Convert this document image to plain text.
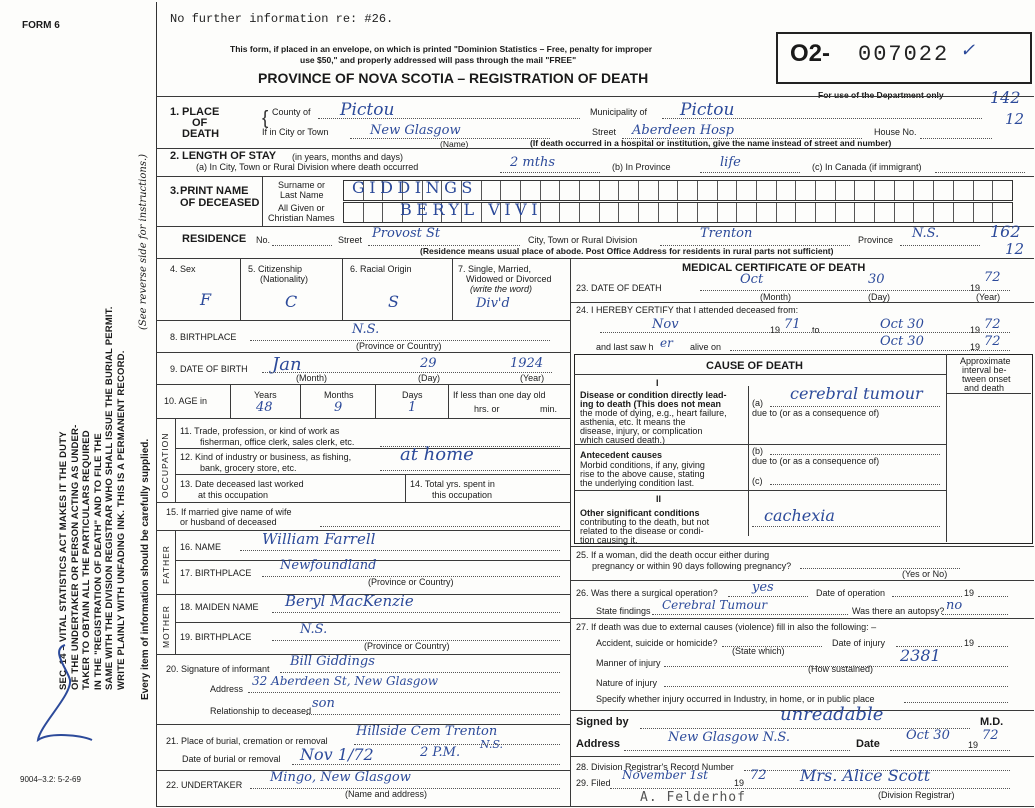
FORM 6
SEC. 14 – VITAL STATISTICS ACT MAKES IT THE DUTY OF THE UNDERTAKER OR PERSON ACTING AS UNDER- TAKER TO OBTAIN ALL THE PARTICULARS REQUIRED IN THE "REGISTRATION OF DEATH" AND TO FILE THE SAME WITH THE DIVISION REGISTRAR WHO SHALL ISSUE THE BURIAL PERMIT. WRITE PLAINLY WITH UNFADING INK. THIS IS A PERMANENT RECORD.
(See reverse side for instructions.)
Every item of information should be carefully supplied.
9004–3.2: 5-2-69
No further information re: #26.
This form, if placed in an envelope, on which is printed "Dominion Statistics – Free, penalty for improper
use $50," and properly addressed will pass through the mail "FREE"
PROVINCE OF NOVA SCOTIA – REGISTRATION OF DEATH
O2- 007022 ✓
For use of the Department only	142
12
1. PLACE
OF
DEATH
{ County of Pictou	Municipality of Pictou
If in City or Town	New Glasgow
(Name)
Street Aberdeen Hosp	House No.
(If death occurred in a hospital or institution, give the name instead of street and number)
2. LENGTH OF STAY (in years, months and days)
(a) In City, Town or Rural Division where death occurred	2 mths	(b) In Province	life	(c) In Canada (if immigrant)
3. PRINT NAME
OF DECEASED
Surname or
Last Name
All Given or
Christian Names
GIDDINGS
BERYL VIVI
RESIDENCE No.	Street Provost St	City, Town or Rural Division	Trenton	Province N.S.	162
12
(Residence means usual place of abode. Post Office Address for residents in rural parts not sufficient)
4. Sex
F
5. Citizenship
(Nationality)
C
6. Racial Origin
S
7. Single, Married,
Widowed or Divorced
(write the word)
Div'd
8. BIRTHPLACE	N.S.
(Province or Country)
9. DATE OF BIRTH Jan	29	1924
(Month)	(Day)	(Year)
10. AGE in
Years	Months	Days
48	9	1
If less than one day old
hrs. or	min.
OCCUPATION
11. Trade, profession, or kind of work as
fisherman, office clerk, sales clerk, etc.
12. Kind of industry or business, as fishing,
bank, grocery store, etc.
at home
13. Date deceased last worked
at this occupation
14. Total yrs. spent in
this occupation
15. If married give name of wife
or husband of deceased
FATHER 16. NAME	William Farrell
17. BIRTHPLACE Newfoundland
(Province or Country)
MOTHER 18. MAIDEN NAME Beryl MacKenzie
19. BIRTHPLACE	N.S.
(Province or Country)
20. Signature of informant Bill Giddings
Address
32 Aberdeen St, New Glasgow
Relationship to deceased son
21. Place of burial, cremation or removal
Hillside Cem Trenton
N.S.
Date of burial or removal Nov 1/72	2 P.M.
22. UNDERTAKER Mingo, New Glasgow
(Name and address)
MEDICAL CERTIFICATE OF DEATH
23. DATE OF DEATH
Oct	30
19
72
(Month)	(Day)	(Year)
24. I HEREBY CERTIFY that I attended deceased from:
Nov	19 71 to	Oct 30	19 72
and last saw h er alive on	Oct 30	19 72
CAUSE OF DEATH	Approximate
interval be-
tween onset
and death
I
Disease or condition directly lead-
ing to death (This does not mean
the mode of dying, e.g., heart failure,
asthenia, etc. It means the
disease, injury, or complication
which caused death.)
(a) cerebral tumour
due to (or as a consequence of)
(b)
Antecedent causes
Morbid conditions, if any, giving
rise to the above cause, stating
the underlying condition last.
due to (or as a consequence of)
(c)
II
Other significant conditions
contributing to the death, but not
related to the disease or condi-
tion causing it.
cachexia
25. If a woman, did the death occur either during
pregnancy or within 90 days following pregnancy?
(Yes or No)
26. Was there a surgical operation?	yes	Date of operation	19
State findings Cerebral Tumour	Was there an autopsy? no
27. If death was due to external causes (violence) fill in also the following: –
Accident, suicide or homicide?	Date of injury	19
(State which)
Manner of injury	2381
(How sustained)
Nature of injury
Specify whether injury occurred in Industry, in home, or in public place
Signed by	unreadable	M.D.
Address	New Glasgow N.S.	Date
Oct 30
19
72
28. Division Registrar's Record Number
29. Filed
November 1st
19 72 Mrs. Alice Scott
(Division Registrar)
A. Felderhof
